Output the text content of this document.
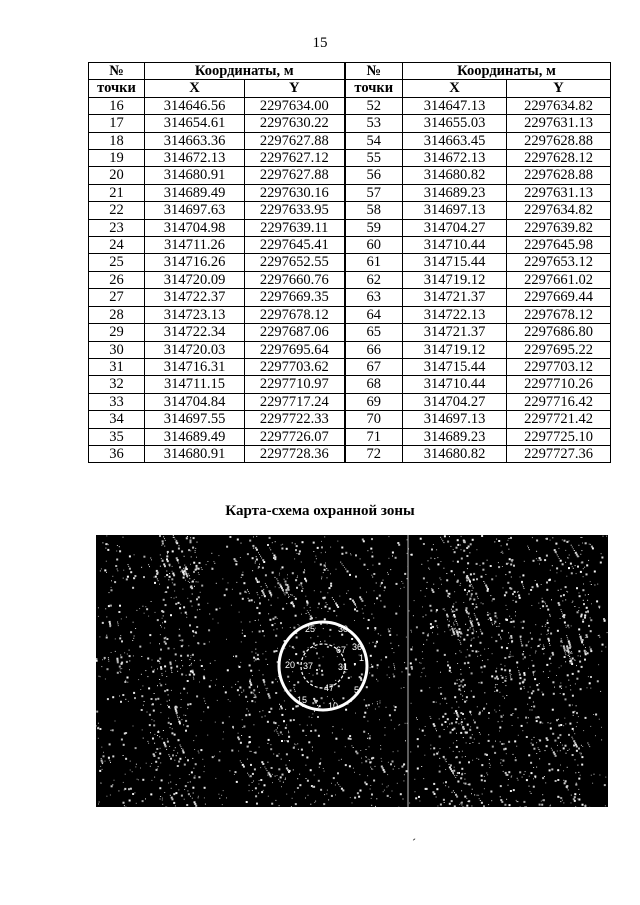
15
№	Координаты, м		№	Координаты, м	
точки	X	Y	точки	X	Y
16	314646.56	2297634.00	52	314647.13	2297634.82
17	314654.61	2297630.22	53	314655.03	2297631.13
18	314663.36	2297627.88	54	314663.45	2297628.88
19	314672.13	2297627.12	55	314672.13	2297628.12
20	314680.91	2297627.88	56	314680.82	2297628.88
21	314689.49	2297630.16	57	314689.23	2297631.13
22	314697.63	2297633.95	58	314697.13	2297634.82
23	314704.98	2297639.11	59	314704.27	2297639.82
24	314711.26	2297645.41	60	314710.44	2297645.98
25	314716.26	2297652.55	61	314715.44	2297653.12
26	314720.09	2297660.76	62	314719.12	2297661.02
27	314722.37	2297669.35	63	314721.37	2297669.44
28	314723.13	2297678.12	64	314722.13	2297678.12
29	314722.34	2297687.06	65	314721.37	2297686.80
30	314720.03	2297695.64	66	314719.12	2297695.22
31	314716.31	2297703.62	67	314715.44	2297703.12
32	314711.15	2297710.97	68	314710.44	2297710.26
33	314704.84	2297717.24	69	314704.27	2297716.42
34	314697.55	2297722.33	70	314697.13	2297721.42
35	314689.49	2297726.07	71	314689.23	2297725.10
36	314680.91	2297728.36	72	314680.82	2297727.36
Карта-схема охранной зоны
25	30
67 36
20 37
1
31
47 5
15
10
ˊ
